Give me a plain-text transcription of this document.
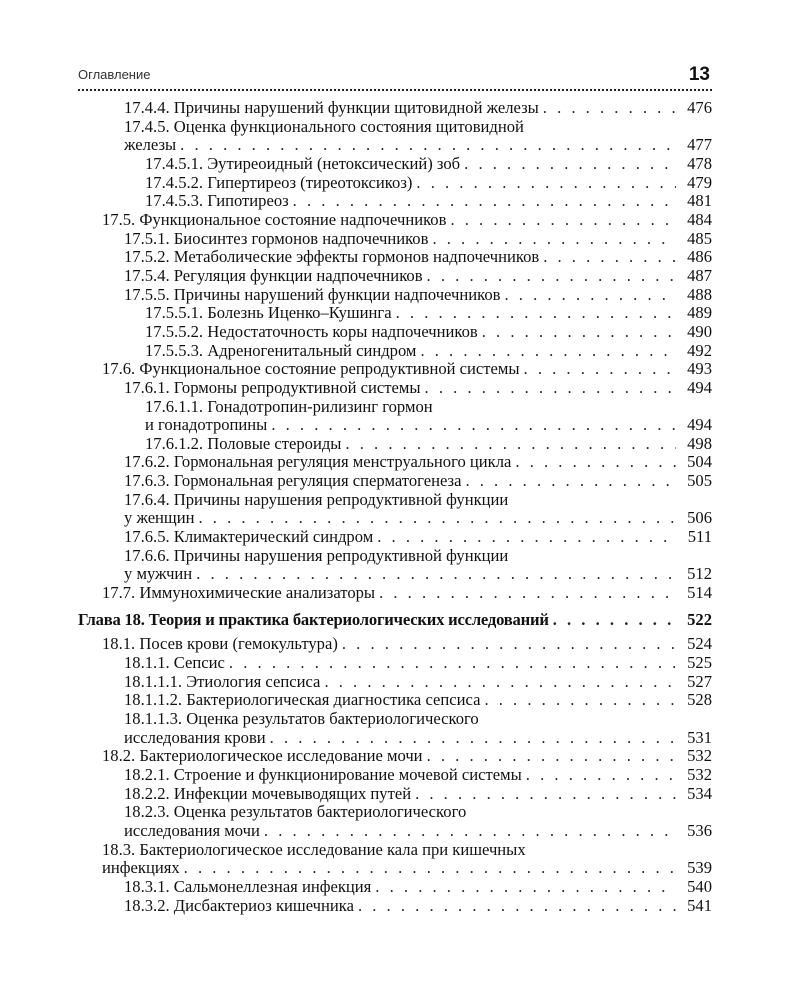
Оглавление	13
17.4.4. Причины нарушений функции щитовидной железы . . .	476
17.4.5. Оценка функционального состояния щитовидной
железы . . .	477
17.4.5.1. Эутиреоидный (нетоксический) зоб . . .	478
17.4.5.2. Гипертиреоз (тиреотоксикоз) . . .	479
17.4.5.3. Гипотиреоз . . .	481
17.5. Функциональное состояние надпочечников . . .	484
17.5.1. Биосинтез гормонов надпочечников . . .	485
17.5.2. Метаболические эффекты гормонов надпочечников . . .	486
17.5.4. Регуляция функции надпочечников . . .	487
17.5.5. Причины нарушений функции надпочечников . . .	488
17.5.5.1. Болезнь Иценко–Кушинга . . .	489
17.5.5.2. Недостаточность коры надпочечников . . .	490
17.5.5.3. Адреногенитальный синдром . . .	492
17.6. Функциональное состояние репродуктивной системы . . .	493
17.6.1. Гормоны репродуктивной системы . . .	494
17.6.1.1. Гонадотропин-рилизинг гормон
и гонадотропины . . .	494
17.6.1.2. Половые стероиды . . .	498
17.6.2. Гормональная регуляция менструального цикла . . .	504
17.6.3. Гормональная регуляция сперматогенеза . . .	505
17.6.4. Причины нарушения репродуктивной функции
у женщин . . .	506
17.6.5. Климактерический синдром . . .	511
17.6.6. Причины нарушения репродуктивной функции
у мужчин . . .	512
17.7. Иммунохимические анализаторы . . .	514
Глава 18. Теория и практика бактериологических исследований . . .	522
18.1. Посев крови (гемокультура) . . .	524
18.1.1. Сепсис . . .	525
18.1.1.1. Этиология сепсиса . . .	527
18.1.1.2. Бактериологическая диагностика сепсиса . . .	528
18.1.1.3. Оценка результатов бактериологического
исследования крови . . .	531
18.2. Бактериологическое исследование мочи . . .	532
18.2.1. Строение и функционирование мочевой системы . . .	532
18.2.2. Инфекции мочевыводящих путей . . .	534
18.2.3. Оценка результатов бактериологического
исследования мочи . . .	536
18.3. Бактериологическое исследование кала при кишечных
инфекциях . . .	539
18.3.1. Сальмонеллезная инфекция . . .	540
18.3.2. Дисбактериоз кишечника . . .	541
